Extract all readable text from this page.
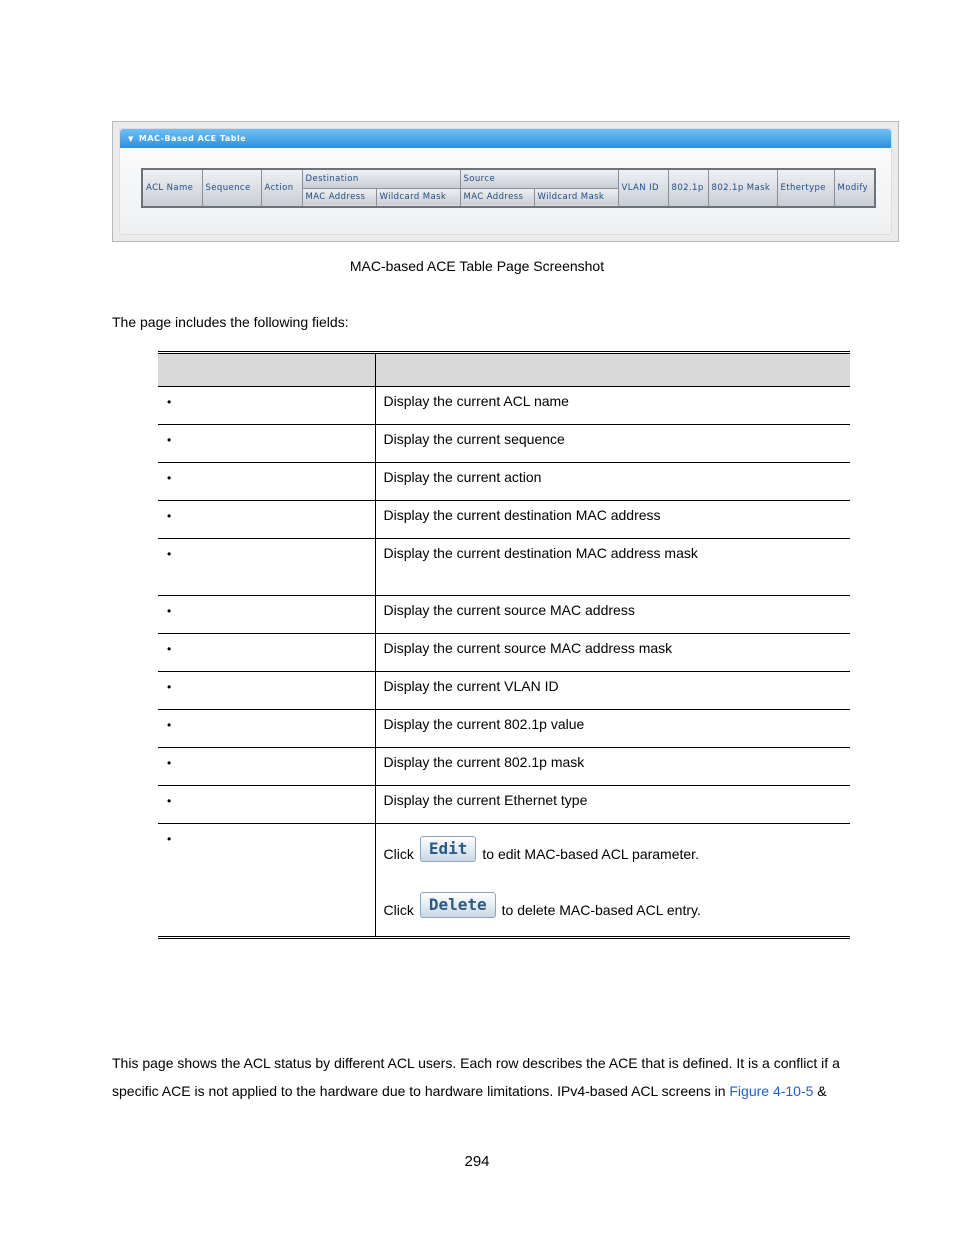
▼ MAC-Based ACE Table
ACL Name	Sequence	Action	Destination		Source		VLAN ID	802.1p	802.1p Mask	Ethertype	Modify
			MAC Address	Wildcard Mask	MAC Address	Wildcard Mask					
MAC-based ACE Table Page Screenshot
The page includes the following fields:

•	Display the current ACL name
•	Display the current sequence
•	Display the current action
•	Display the current destination MAC address
•	Display the current destination MAC address mask
•	Display the current source MAC address
•	Display the current source MAC address mask
•	Display the current VLAN ID
•	Display the current 802.1p value
•	Display the current 802.1p mask
•	Display the current Ethernet type
•	Click Edit to edit MAC-based ACL parameter.
Click Delete to delete MAC-based ACL entry.
This page shows the ACL status by different ACL users. Each row describes the ACE that is defined. It is a conflict if a specific ACE is not applied to the hardware due to hardware limitations. IPv4-based ACL screens in Figure 4-10-5 &
294
